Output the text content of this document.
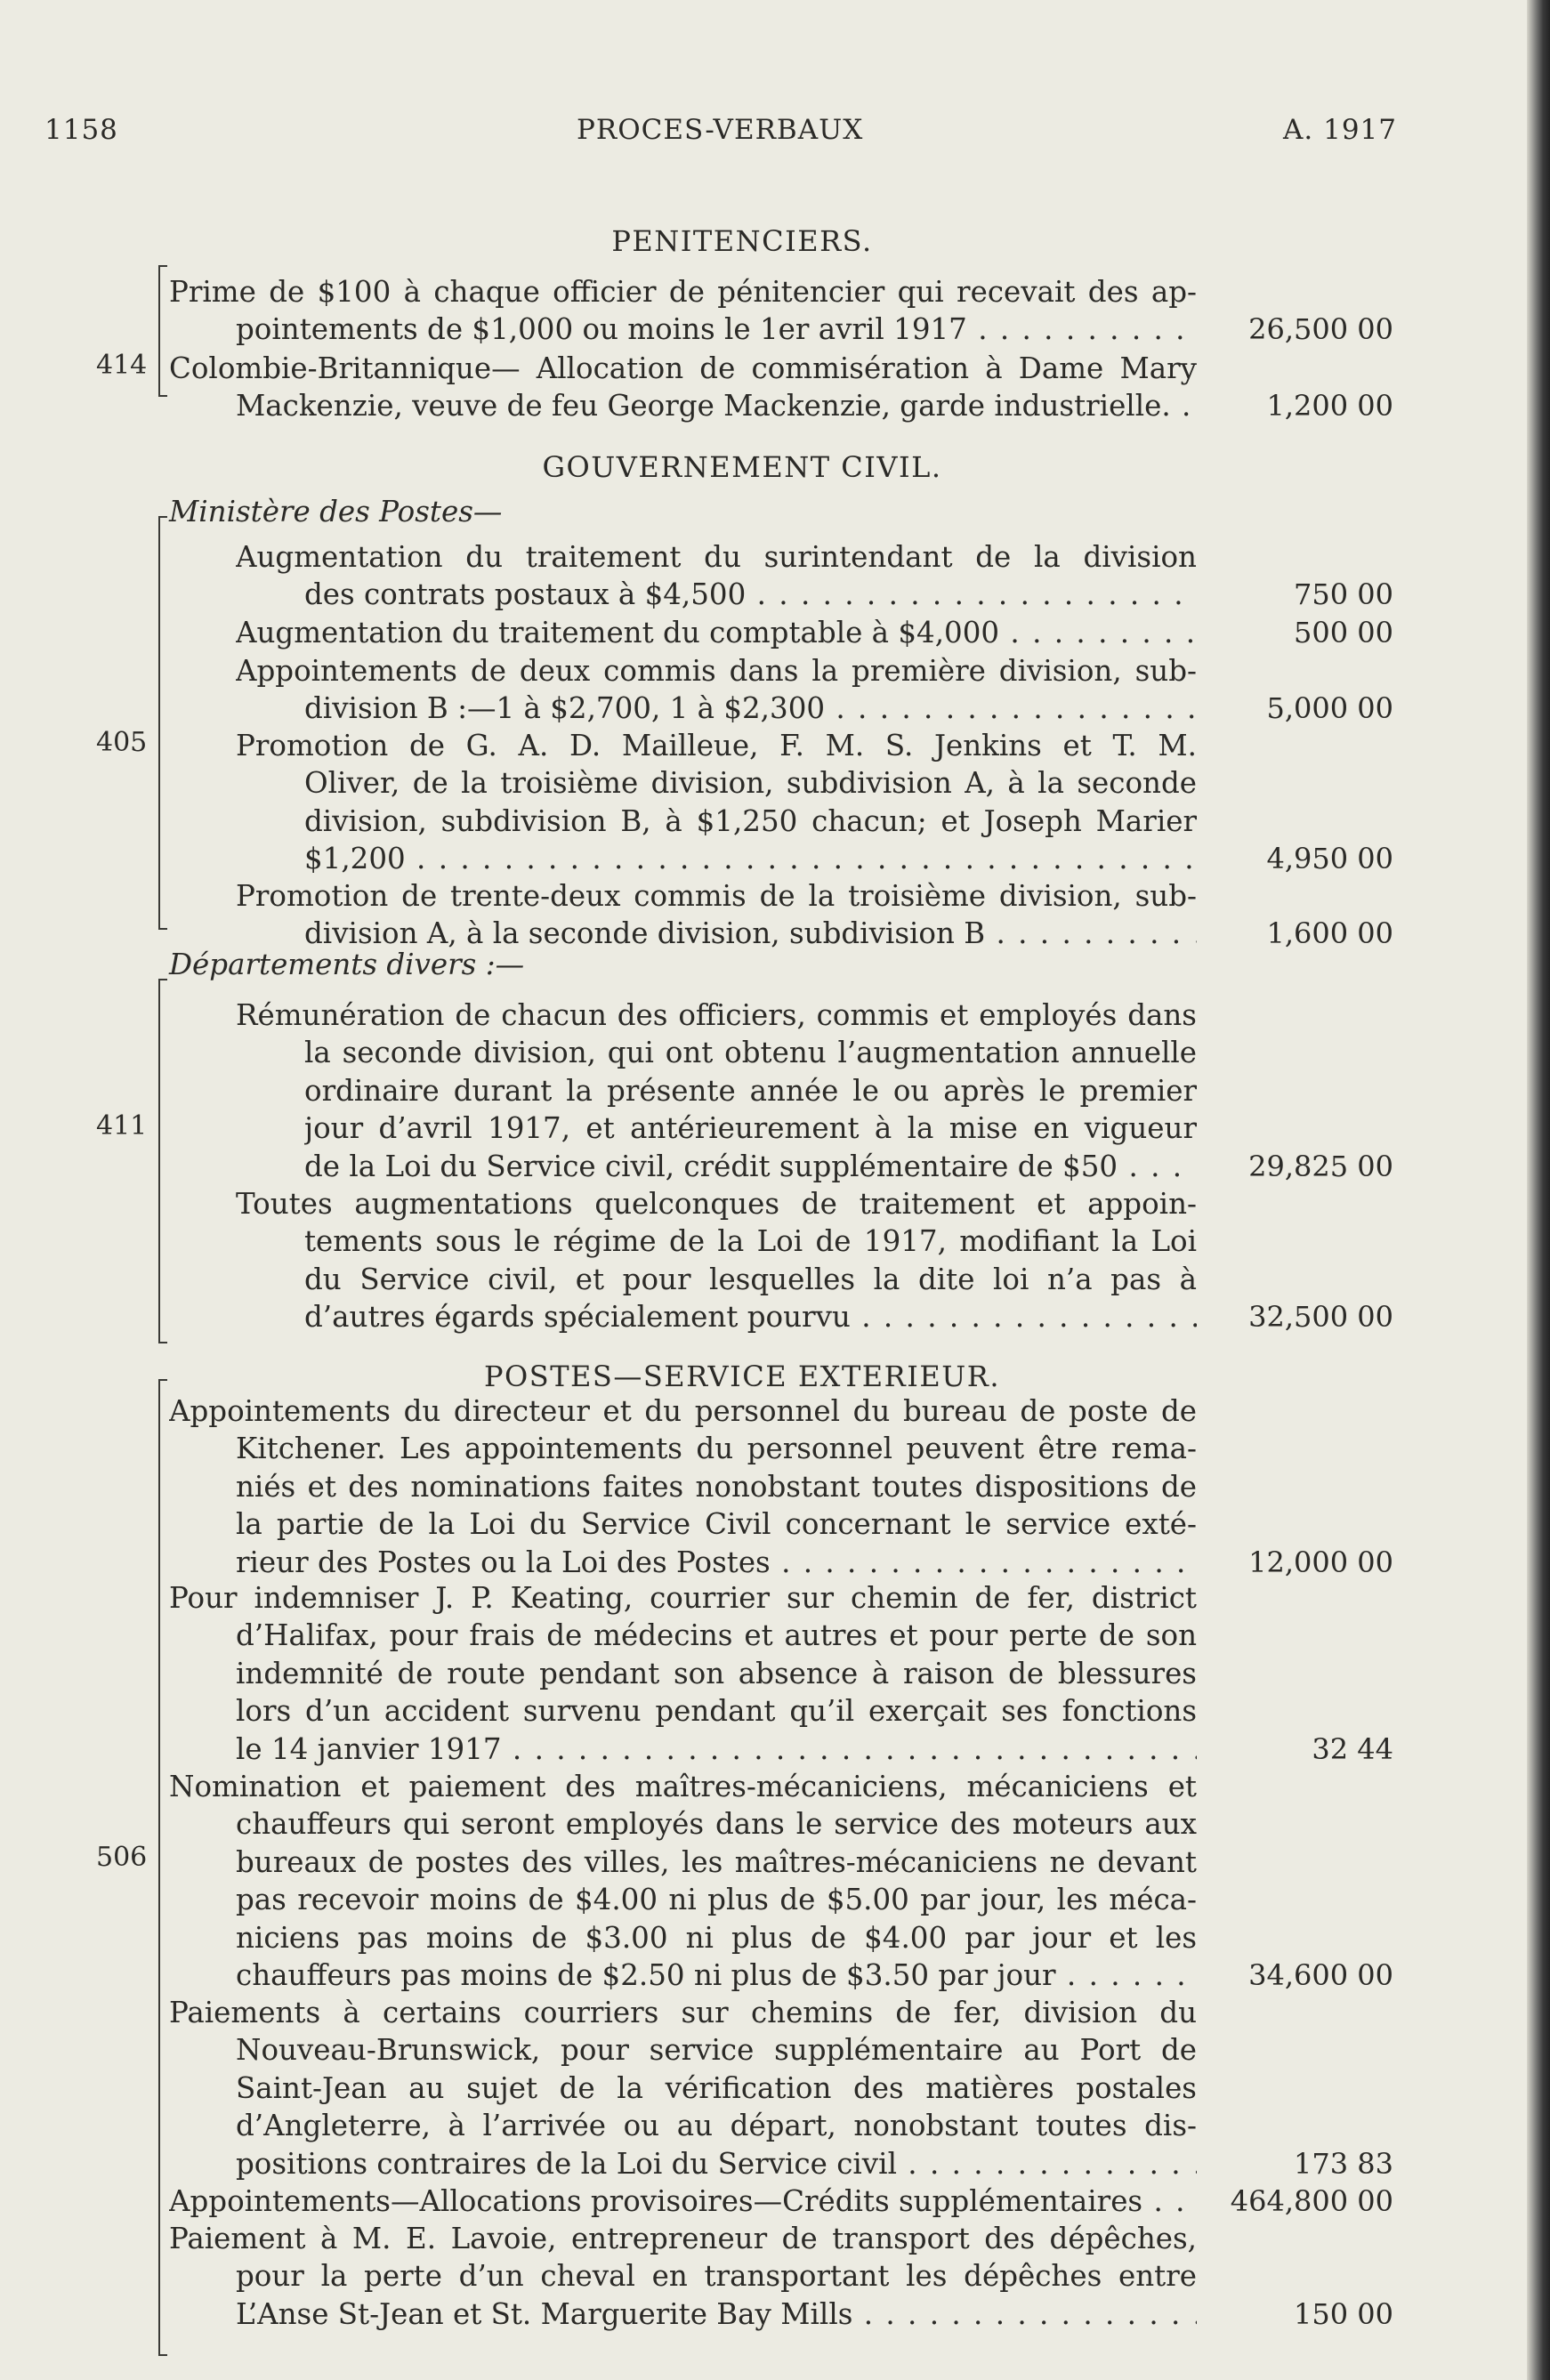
1158	PROCES-VERBAUX	A. 1917
PENITENCIERS.
414
Prime de $100 à chaque officier de pénitencier qui recevait des ap-
pointements de $1,000 ou moins le 1er avril 1917 . . .	26,500 00
Colombie-Britannique— Allocation de commisération à Dame Mary
Mackenzie, veuve de feu George Mackenzie, garde industrielle. . . .	1,200 00
GOUVERNEMENT CIVIL.
405
Ministère des Postes—
Augmentation du traitement du surintendant de la division
des contrats postaux à $4,500 . . .	750 00
Augmentation du traitement du comptable à $4,000 . . .	500 00
Appointements de deux commis dans la première division, sub-
division B :—1 à $2,700, 1 à $2,300 . . .	5,000 00
Promotion de G. A. D. Mailleue, F. M. S. Jenkins et T. M.
Oliver, de la troisième division, subdivision A, à la seconde
division, subdivision B, à $1,250 chacun; et Joseph Marier
$1,200 . . .	4,950 00
Promotion de trente-deux commis de la troisième division, sub-
division A, à la seconde division, subdivision B . . .	1,600 00
411
Départements divers :—
Rémunération de chacun des officiers, commis et employés dans
la seconde division, qui ont obtenu l’augmentation annuelle
ordinaire durant la présente année le ou après le premier
jour d’avril 1917, et antérieurement à la mise en vigueur
de la Loi du Service civil, crédit supplémentaire de $50 . . .	29,825 00
Toutes augmentations quelconques de traitement et appoin-
tements sous le régime de la Loi de 1917, modifiant la Loi
du Service civil, et pour lesquelles la dite loi n’a pas à
d’autres égards spécialement pourvu . . .	32,500 00
POSTES—SERVICE EXTERIEUR.
506
Appointements du directeur et du personnel du bureau de poste de
Kitchener. Les appointements du personnel peuvent être rema-
niés et des nominations faites nonobstant toutes dispositions de
la partie de la Loi du Service Civil concernant le service exté-
rieur des Postes ou la Loi des Postes . . .	12,000 00
Pour indemniser J. P. Keating, courrier sur chemin de fer, district
d’Halifax, pour frais de médecins et autres et pour perte de son
indemnité de route pendant son absence à raison de blessures
lors d’un accident survenu pendant qu’il exerçait ses fonctions
le 14 janvier 1917 . . .	32 44
Nomination et paiement des maîtres-mécaniciens, mécaniciens et
chauffeurs qui seront employés dans le service des moteurs aux
bureaux de postes des villes, les maîtres-mécaniciens ne devant
pas recevoir moins de $4.00 ni plus de $5.00 par jour, les méca-
niciens pas moins de $3.00 ni plus de $4.00 par jour et les
chauffeurs pas moins de $2.50 ni plus de $3.50 par jour . . .	34,600 00
Paiements à certains courriers sur chemins de fer, division du
Nouveau-Brunswick, pour service supplémentaire au Port de
Saint-Jean au sujet de la vérification des matières postales
d’Angleterre, à l’arrivée ou au départ, nonobstant toutes dis-
positions contraires de la Loi du Service civil . . .	173 83
Appointements—Allocations provisoires—Crédits supplémentaires . . .	464,800 00
Paiement à M. E. Lavoie, entrepreneur de transport des dépêches,
pour la perte d’un cheval en transportant les dépêches entre
L’Anse St-Jean et St. Marguerite Bay Mills . . .	150 00
